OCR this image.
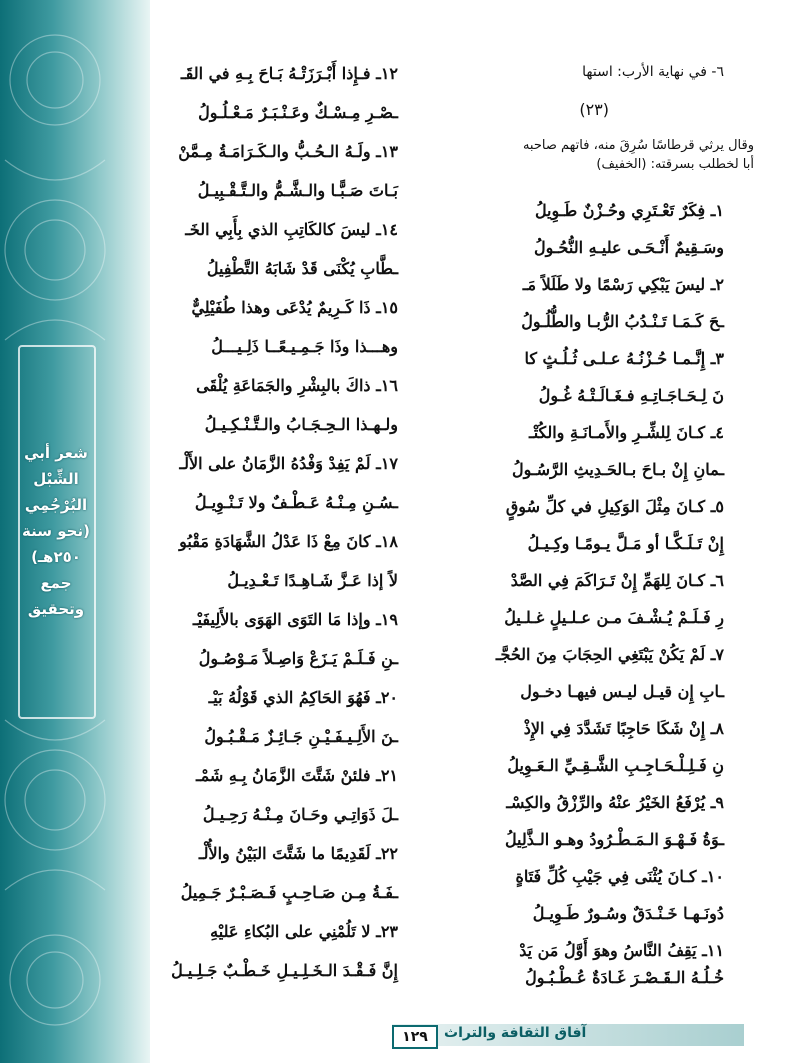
شعر أبي
الشِّبْل
البُرْجُمِي
(نحو سنة
٢٥٠هـ)
جمع
وتحقيق
٦- في نهاية الأرب: استها
(٢٣)
وقال يرثي قرطاسًا سُرِقَ منه، فاتهم صاحبه
أبا لخطلب بسرقته: (الخفيف)
١ـ فِكَرٌ تَعْـتَرِي وحُـزْنٌ طَـوِيلُ
وسَـقِيمٌ أَنْـحَـى عليـهِ النُّحُـولُ
٢ـ ليسَ يَبْكِي رَسْمًا ولا طَلَلاً مَـ
ـحَ كَـمَـا تَـنْـدُبُ الرُّبـا والطُّلُـولُ
٣ـ إِنَّـمـا حُـزْنُـهُ عـلـى ثُـلُـثٍ كا
نَ لِـحَـاجَـاتِـهِ فـغَـالَـتْـهُ غُـولُ
٤ـ كـانَ لِلشِّـرِ والأَمـانَـةِ والكُتْـ
ـمانِ إِنْ بـاحَ بـالحَـدِيثِ الرَّسُـولُ
٥ـ كـانَ مِثْلَ الوَكِيلِ في كلِّ سُوقٍ
إِنْ تَـلَـكَّـا أو مَـلَّ يـومًـا وكِـيـلُ
٦ـ كـانَ لِلهَمِّ إِنْ تَـرَاكَمَ فِي الصَّدْ
رِ فَـلَـمْ يُـشْـفَ مـن عـلـيلٍ غـلـيلُ
٧ـ لَمْ يَكُنْ يَبْتَغِي الحِجَابَ مِنَ الحُجَّـ
ـابِ إِن قيـل ليـس فيهـا دخـول
٨ـ إِنْ شَكَا حَاجِبًا تَشَدَّدَ فِي الإِذْ
نِ فَـلِـلْـحَـاجِـبِ الشَّـقِـيِّ الـعَـوِيلُ
٩ـ يُرْفَعُ الخَيْرُ عنْهُ والرِّزْقُ والكِسْـ
ـوَةُ فَـهْـوَ الـمَـطْـرُودُ وهـو الـذَّلِيلُ
١٠ـ كـانَ يُثْنَى فِي جَيْبِ كُلِّ فَتَاةٍ
دُونَـهـا خَـنْـدَقٌ وسُـورٌ طَـوِيـلُ
١١ـ يَقِفُ النَّاسُ وهوَ أَوَّلُ مَن يَدْ
خُـلُـهُ الـقَـصْـرَ غَـادَةٌ عُـطْـبُـولُ
١٢ـ فـإِذا أَبْـرَزَتْـهُ بَـاحَ بِـهِ في القَـ
ـصْـرِ مِـسْـكٌ وعَـنْـبَـرٌ مَـعْـلُـولُ
١٣ـ ولَـهُ الـحُـبُّ والـكَـرَامَـةُ مِـمَّنْ
بَـاتَ صَـبًّـا والـشَّـمُّ والـتَّـقْـبِيـلُ
١٤ـ ليسَ كالكَاتِبِ الذي بِأَبِي الخَـ
ـطَّابِ يُكْنَى قَدْ شَابَهُ التَّطْفِيلُ
١٥ـ ذَا كَـرِيمٌ يُدْعَى وهذا طُفَيْلِيٌّ
وهـــذا وذَا جَـمِـيـعًــا ذَلِـيـــلُ
١٦ـ ذاكَ بالبِشْرِ والجَمَاعَةِ يُلْقَى
ولـهـذا الـحِـجَـابُ والـتَّـنْـكِـيـلُ
١٧ـ لَمْ يَفِدْ وَفْدُهُ الزَّمَانُ على الأَلْـ
ـسُـنِ مِـنْـهُ عَـطْـفٌ ولا تَـنْـوِيـلُ
١٨ـ كانَ مِعْ ذَا عَدْلُ الشَّهَادَةِ مَقْبُو
لاً إذا عَـزَّ شَـاهِـدًا تَـعْـدِيـلُ
١٩ـ وإذا مَا التَوَى الهَوَى بالأَلِيفَيْـ
ـنِ فَـلَـمْ يَـزَعْ وَاصِـلاً مَـوْصُـولُ
٢٠ـ فَهُوَ الحَاكِمُ الذي قَوْلُهُ بَيْـ
ـنَ الأَلِـيـفَـيْـنِ جَـائِـزٌ مَـقْـبُـولُ
٢١ـ فلئنْ شَتَّتَ الزَّمَانُ بِـهِ شَمْـ
ـلَ ذَوَاتِـي وحَـانَ مِـنْـهُ رَحِـيـلُ
٢٢ـ لَقَدِيمًا ما شَتَّتَ البَيْنُ والأُلْـ
ـفَـةُ مِـن صَـاحِـبٍ فَـصَـبْـرٌ جَـمِيلُ
٢٣ـ لا تَلُمْنِي على البُكاءِ عَليْهِ
إِنَّ فَـقْـدَ الـخَـلِـيـلِ خَـطْـبٌ جَـلِـيـلُ
١٢٩	آفاق الثقافة والتراث
